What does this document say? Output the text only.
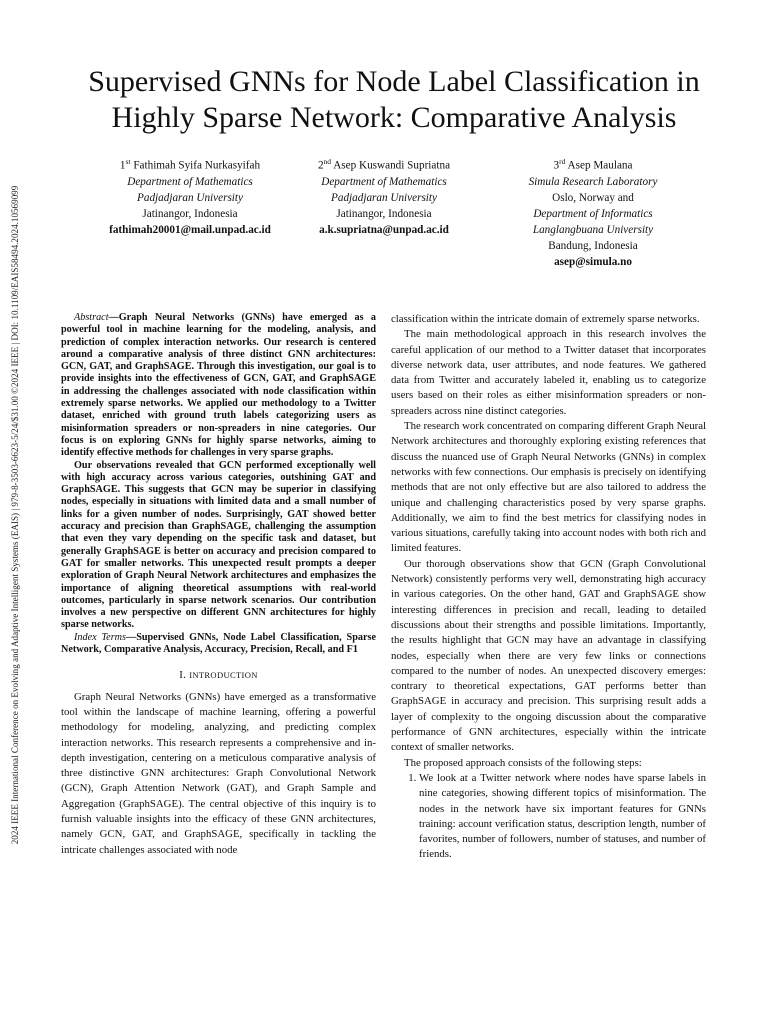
2024 IEEE International Conference on Evolving and Adaptive Intelligent Systems (EAIS) | 979-8-3503-6623-5/24/$31.00 ©2024 IEEE | DOI: 10.1109/EAIS58494.2024.10569099
Supervised GNNs for Node Label Classification in
Highly Sparse Network: Comparative Analysis
1st Fathimah Syifa Nurkasyifah
Department of Mathematics
Padjadjaran University
Jatinangor, Indonesia
fathimah20001@mail.unpad.ac.id
2nd Asep Kuswandi Supriatna
Department of Mathematics
Padjadjaran University
Jatinangor, Indonesia
a.k.supriatna@unpad.ac.id
3rd Asep Maulana
Simula Research Laboratory
Oslo, Norway and
Department of Informatics
Langlangbuana University
Bandung, Indonesia
asep@simula.no

Abstract—Graph Neural Networks (GNNs) have emerged as a powerful tool in machine learning for the modeling, analysis, and prediction of complex interaction networks. Our research is centered around a comparative analysis of three distinct GNN architectures: GCN, GAT, and GraphSAGE. Through this investigation, our goal is to provide insights into the effectiveness of GCN, GAT, and GraphSAGE in addressing the challenges associated with node classification within extremely sparse networks. We applied our methodology to a Twitter dataset, enriched with ground truth labels categorizing users as misinformation spreaders or non-spreaders in nine categories. Our focus is on exploring GNNs for highly sparse networks, aiming to identify effective methods for challenges in very sparse graphs.

Our observations revealed that GCN performed exceptionally well with high accuracy across various categories, outshining GAT and GraphSAGE. This suggests that GCN may be superior in classifying nodes, especially in situations with limited data and a small number of links for a given number of nodes. Surprisingly, GAT showed better accuracy and precision than GraphSAGE, challenging the assumption that even they vary depending on the specific task and dataset, but generally GraphSAGE is better on accuracy and precision compared to GAT for smaller networks. This unexpected result prompts a deeper exploration of Graph Neural Network architectures and emphasizes the importance of aligning theoretical assumptions with real-world outcomes, particularly in sparse network scenarios. Our contribution involves a new perspective on different GNN architectures for highly sparse networks.

Index Terms—Supervised GNNs, Node Label Classification, Sparse Network, Comparative Analysis, Accuracy, Precision, Recall, and F1

I. INTRODUCTION

Graph Neural Networks (GNNs) have emerged as a transformative tool within the landscape of machine learning, offering a powerful methodology for modeling, analyzing, and predicting complex interaction networks. This research represents a comprehensive and in-depth investigation, centering on a meticulous comparative analysis of three distinctive GNN architectures: Graph Convolutional Network (GCN), Graph Attention Network (GAT), and Graph Sample and Aggregation (GraphSAGE). The central objective of this inquiry is to furnish valuable insights into the efficacy of these GNN architectures, namely GCN, GAT, and GraphSAGE, specifically in tackling the intricate challenges associated with node

classification within the intricate domain of extremely sparse networks.

The main methodological approach in this research involves the careful application of our method to a Twitter dataset that incorporates diverse network data, user attributes, and node features. We gathered data from Twitter and accurately labeled it, enabling us to categorize users based on their roles as either misinformation spreaders or non-spreaders across nine distinct categories.

The research work concentrated on comparing different Graph Neural Network architectures and thoroughly exploring existing references that discuss the nuanced use of Graph Neural Networks (GNNs) in complex networks with few connections. Our emphasis is precisely on identifying methods that are not only effective but are also tailored to address the unique and challenging characteristics posed by very sparse graphs. Additionally, we aim to find the best metrics for classifying nodes in various situations, carefully taking into account nodes with both rich and limited features.

Our thorough observations show that GCN (Graph Convolutional Network) consistently performs very well, demonstrating high accuracy in various categories. On the other hand, GAT and GraphSAGE show interesting differences in precision and recall, leading to detailed discussions about their strengths and possible limitations. Importantly, the results highlight that GCN may have an advantage in classifying nodes, especially when there are very few links or connections compared to the number of nodes. An unexpected discovery emerges: contrary to theoretical expectations, GAT performs better than GraphSAGE in accuracy and precision. This surprising result adds a layer of complexity to the ongoing discussion about the comparative performance of GNN architectures, especially within the intricate context of smaller networks.

The proposed approach consists of the following steps:

1. We look at a Twitter network where nodes have sparse labels in nine categories, showing different topics of misinformation. The nodes in the network have six important features for GNNs training: account verification status, description length, number of favorites, number of followers, number of statuses, and number of friends.
